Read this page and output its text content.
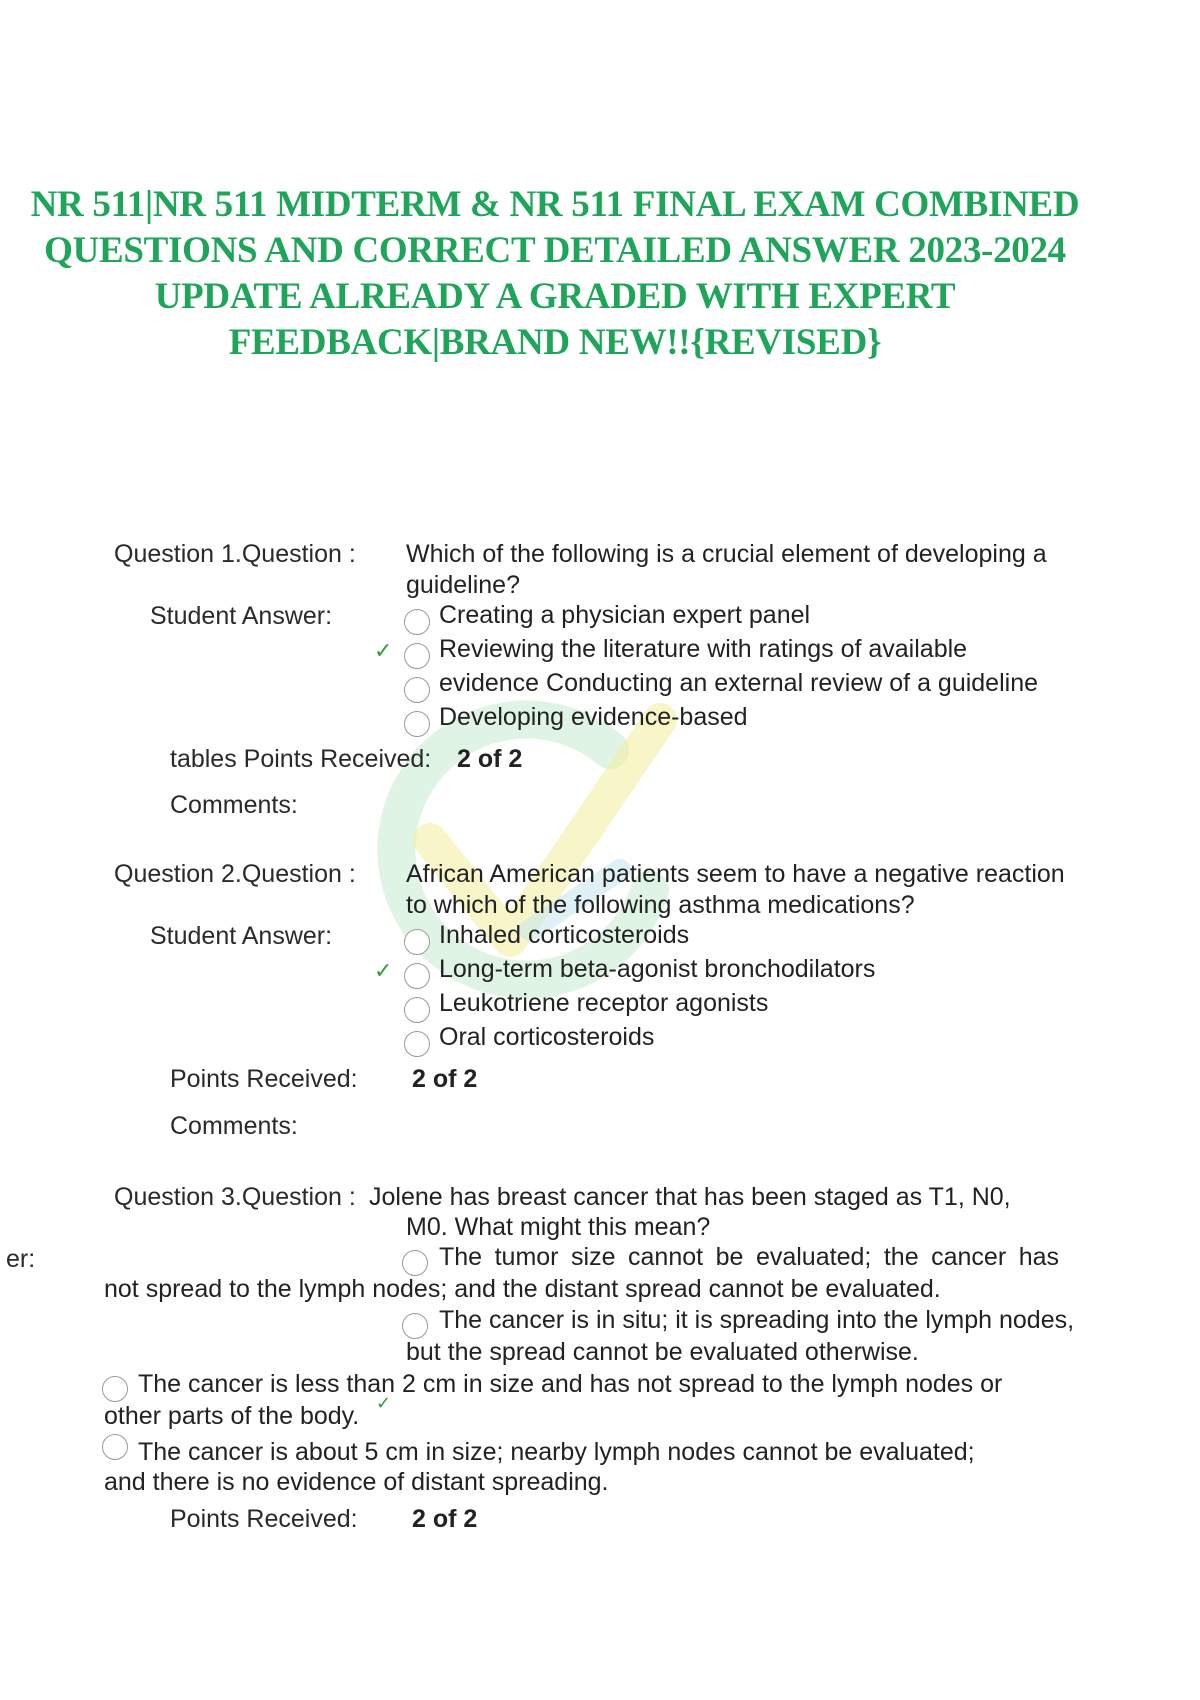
NR 511|NR 511 MIDTERM & NR 511 FINAL EXAM COMBINED
QUESTIONS AND CORRECT DETAILED ANSWER 2023-2024
UPDATE ALREADY A GRADED WITH EXPERT
FEEDBACK|BRAND NEW!!{REVISED}
Question 1.Question : Which of the following is a crucial element of developing a
guideline?
Student Answer:	Creating a physician expert panel
✓ Reviewing the literature with ratings of available
evidence Conducting an external review of a guideline
Developing evidence-based
tables Points Received: 2 of 2
Comments:
Question 2.Question : African American patients seem to have a negative reaction
to which of the following asthma medications?
Student Answer:	Inhaled corticosteroids
✓ Long-term beta-agonist bronchodilators
Leukotriene receptor agonists
Oral corticosteroids
Points Received: 2 of 2
Comments:
Question 3.Question : Jolene has breast cancer that has been staged as T1, N0,
M0. What might this mean?
er:	The tumor size cannot be evaluated; the cancer has
not spread to the lymph nodes; and the distant spread cannot be evaluated.
The cancer is in situ; it is spreading into the lymph nodes,
but the spread cannot be evaluated otherwise.
The cancer is less than 2 cm in size and has not spread to the lymph nodes or
other parts of the body. ✓
The cancer is about 5 cm in size; nearby lymph nodes cannot be evaluated;
and there is no evidence of distant spreading.
Points Received: 2 of 2
